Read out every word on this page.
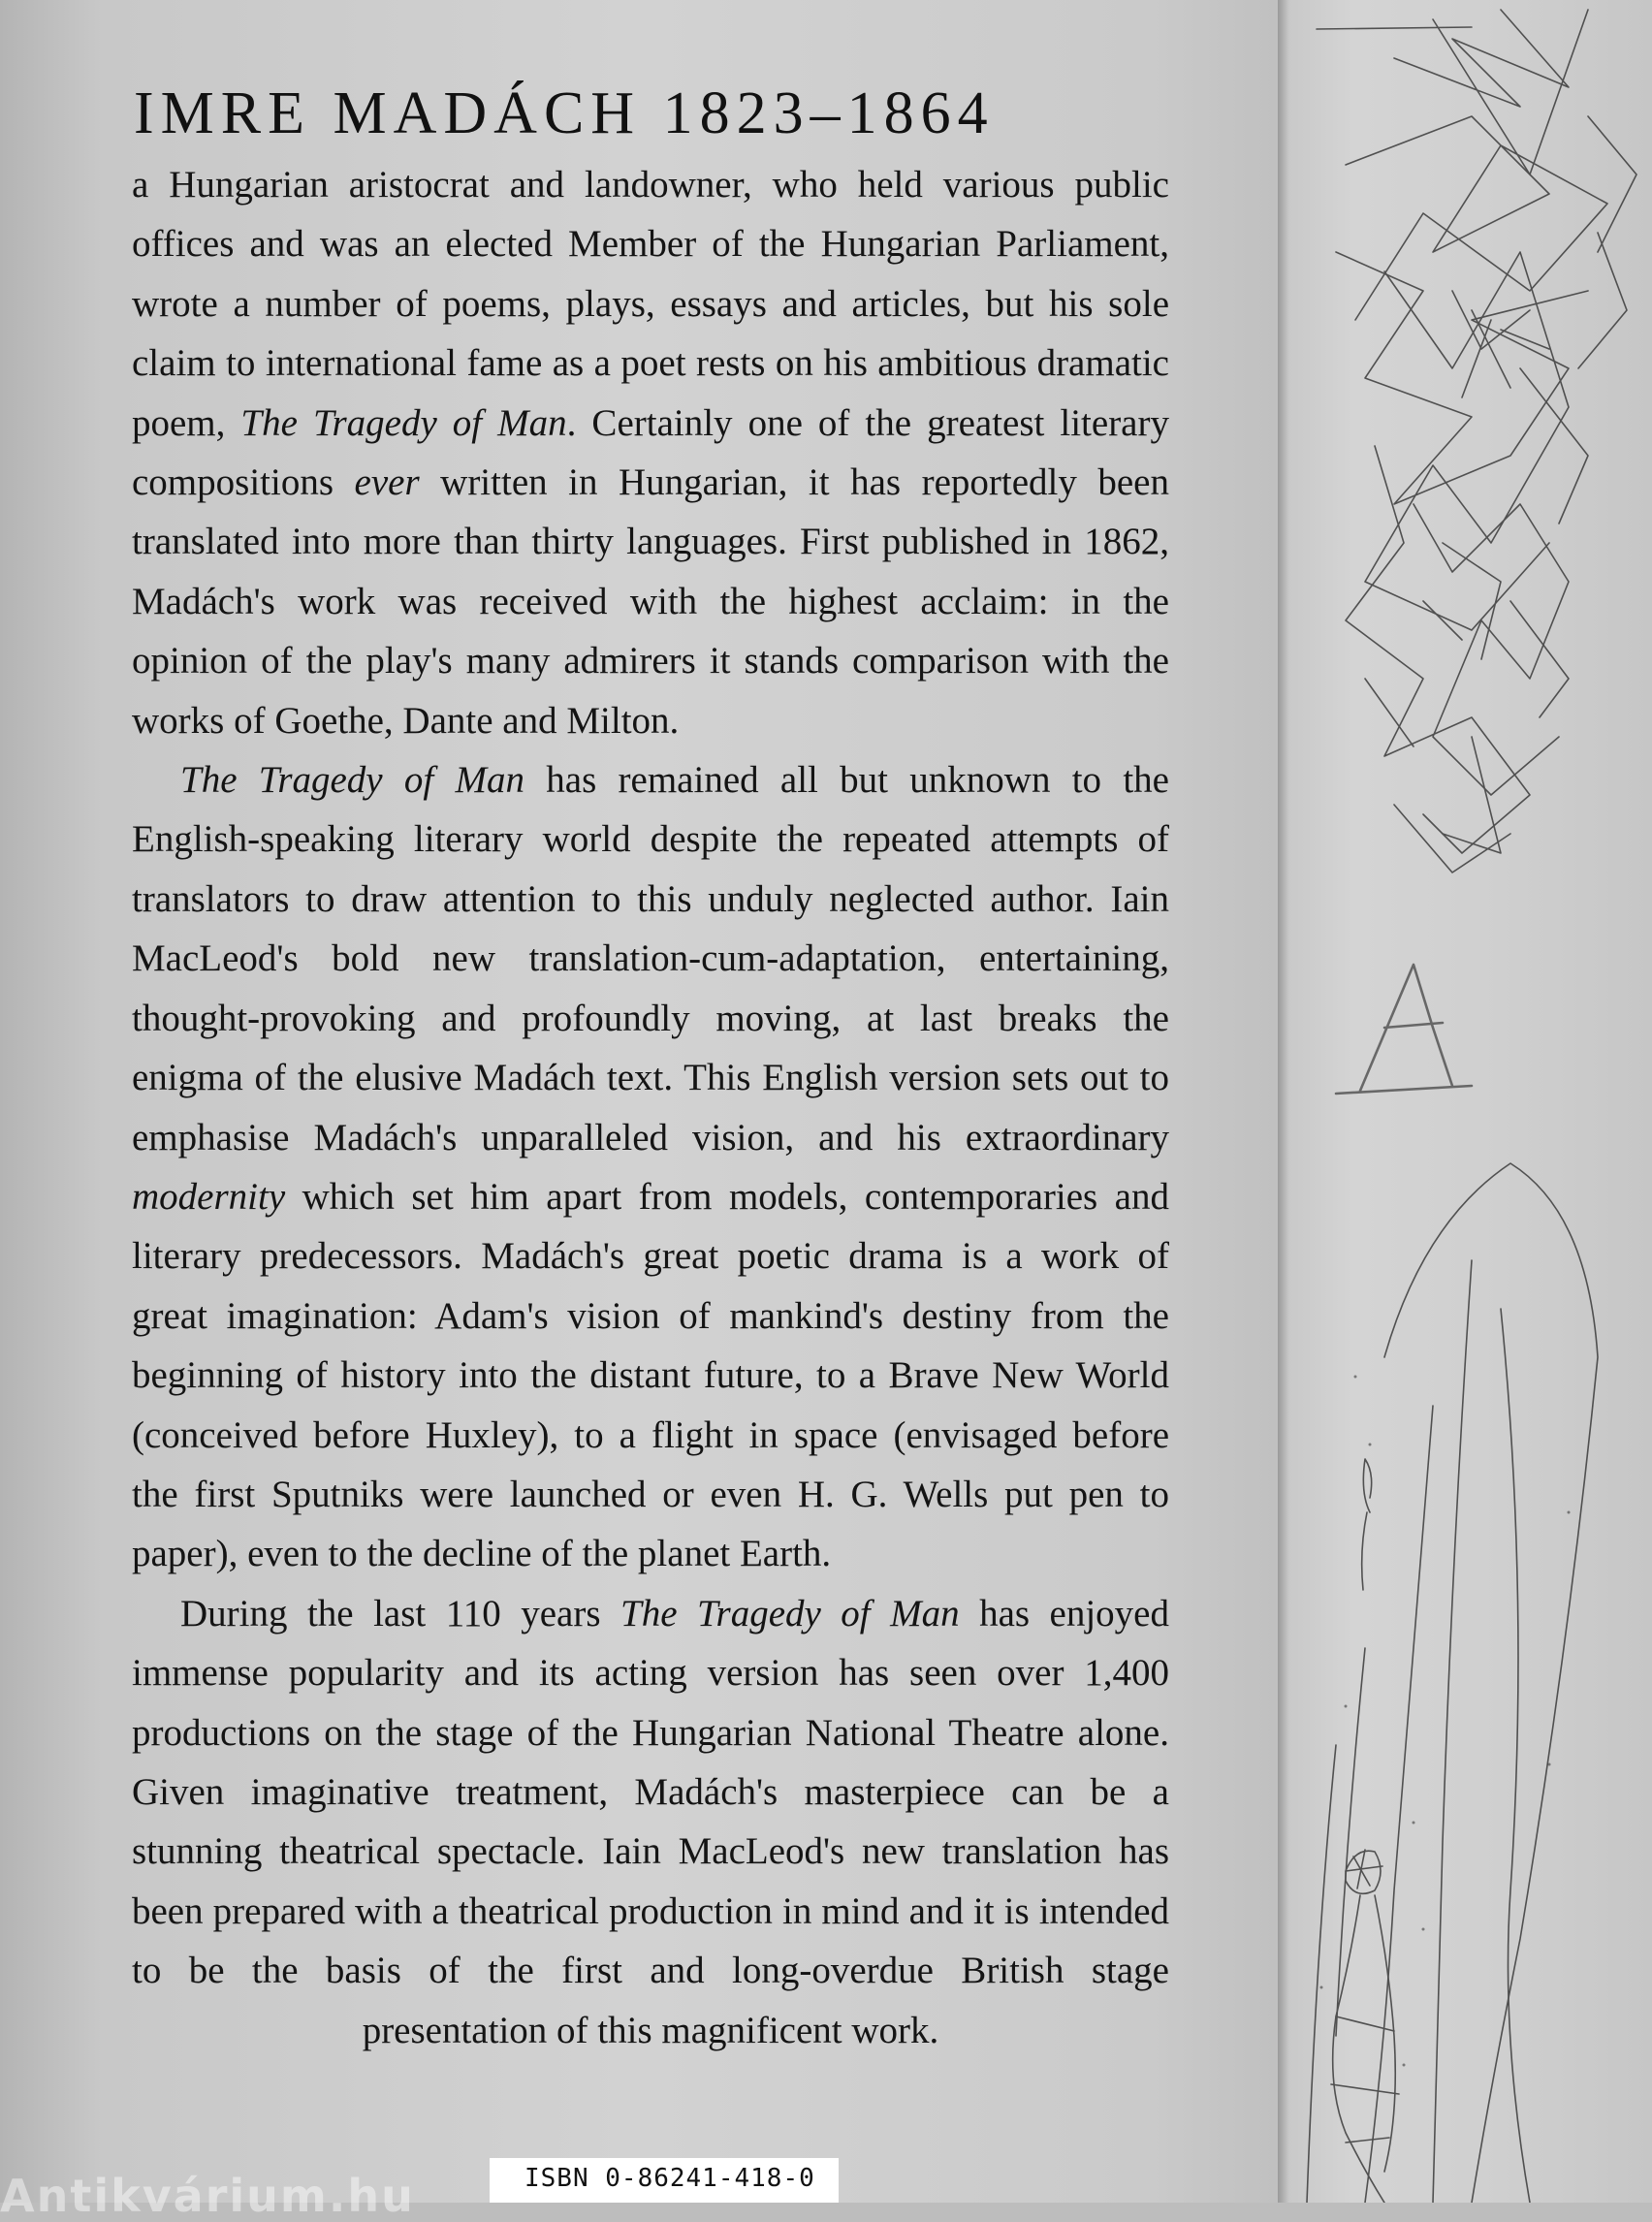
IMRE MADÁCH 1823–1864

a Hungarian aristocrat and landowner, who held various public offices and was an elected Member of the Hungarian Parliament, wrote a number of poems, plays, essays and articles, but his sole claim to international fame as a poet rests on his ambitious dramatic poem, The Tragedy of Man. Certainly one of the greatest literary compositions ever written in Hungarian, it has reportedly been translated into more than thirty languages. First published in 1862, Madách's work was received with the highest acclaim: in the opinion of the play's many admirers it stands comparison with the works of Goethe, Dante and Milton.

The Tragedy of Man has remained all but unknown to the English-speaking literary world despite the repeated attempts of translators to draw attention to this unduly neglected author. Iain MacLeod's bold new translation-cum-adaptation, entertaining, thought-provoking and profoundly moving, at last breaks the enigma of the elusive Madách text. This English version sets out to emphasise Madách's unparalleled vision, and his extraordinary modernity which set him apart from models, contemporaries and literary predecessors. Madách's great poetic drama is a work of great imagination: Adam's vision of mankind's destiny from the beginning of history into the distant future, to a Brave New World (conceived before Huxley), to a flight in space (envisaged before the first Sputniks were launched or even H. G. Wells put pen to paper), even to the decline of the planet Earth.

During the last 110 years The Tragedy of Man has enjoyed immense popularity and its acting version has seen over 1,400 productions on the stage of the Hungarian National Theatre alone. Given imaginative treatment, Madách's masterpiece can be a stunning theatrical spectacle. Iain MacLeod's new translation has been prepared with a theatrical production in mind and it is intended to be the basis of the first and long-overdue British stage presentation of this magnificent work.

Antikvárium.hu	ISBN 0-86241-418-0
